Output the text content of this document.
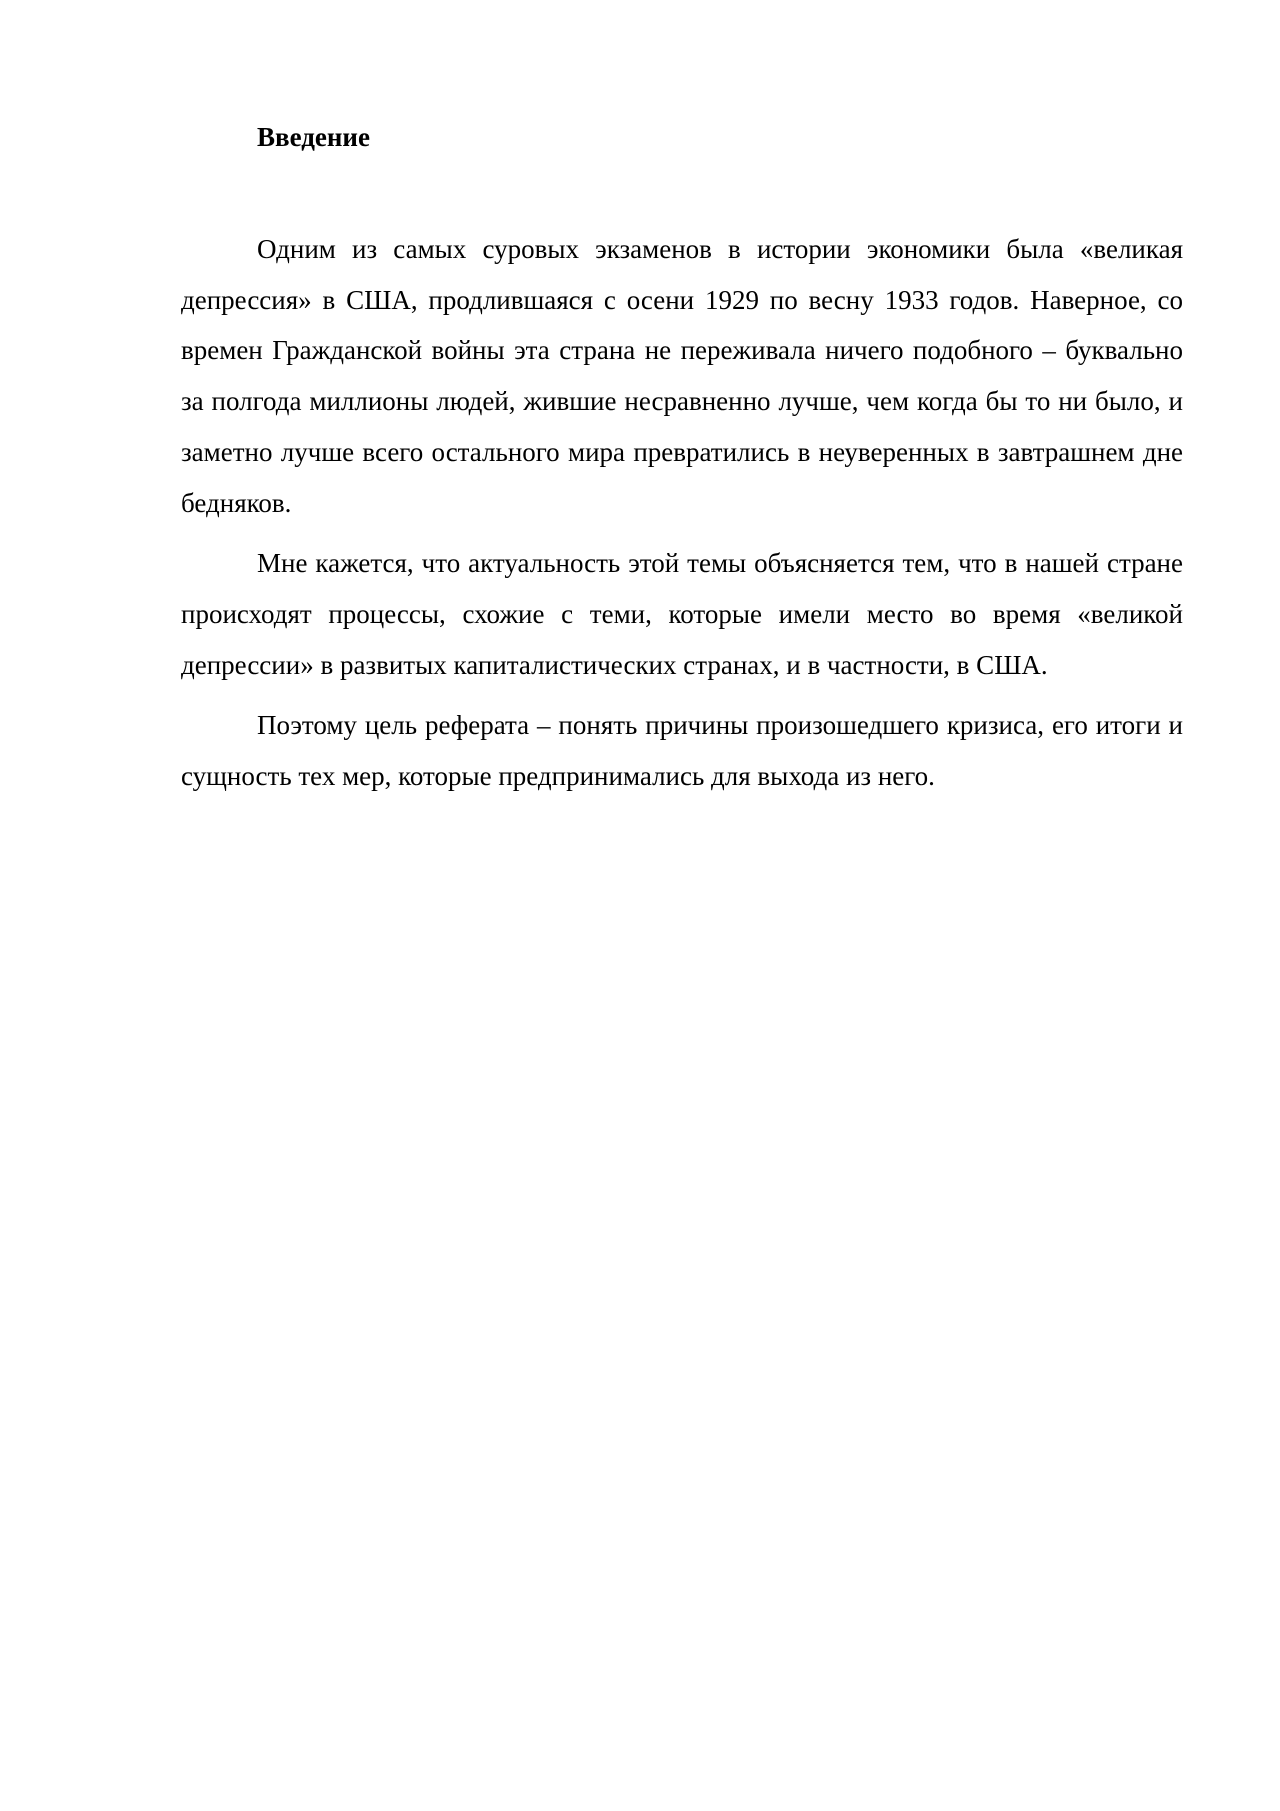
Введение

Одним из самых суровых экзаменов в истории экономики была «великая депрессия» в США, продлившаяся с осени 1929 по весну 1933 годов. Наверное, со времен Гражданской войны эта страна не переживала ничего подобного – буквально за полгода миллионы людей, жившие несравненно лучше, чем когда бы то ни было, и заметно лучше всего остального мира превратились в неуверенных в завтрашнем дне бедняков.

Мне кажется, что актуальность этой темы объясняется тем, что в нашей стране происходят процессы, схожие с теми, которые имели место во время «великой депрессии» в развитых капиталистических странах, и в частности, в США.

Поэтому цель реферата – понять причины произошедшего кризиса, его итоги и сущность тех мер, которые предпринимались для выхода из него.
